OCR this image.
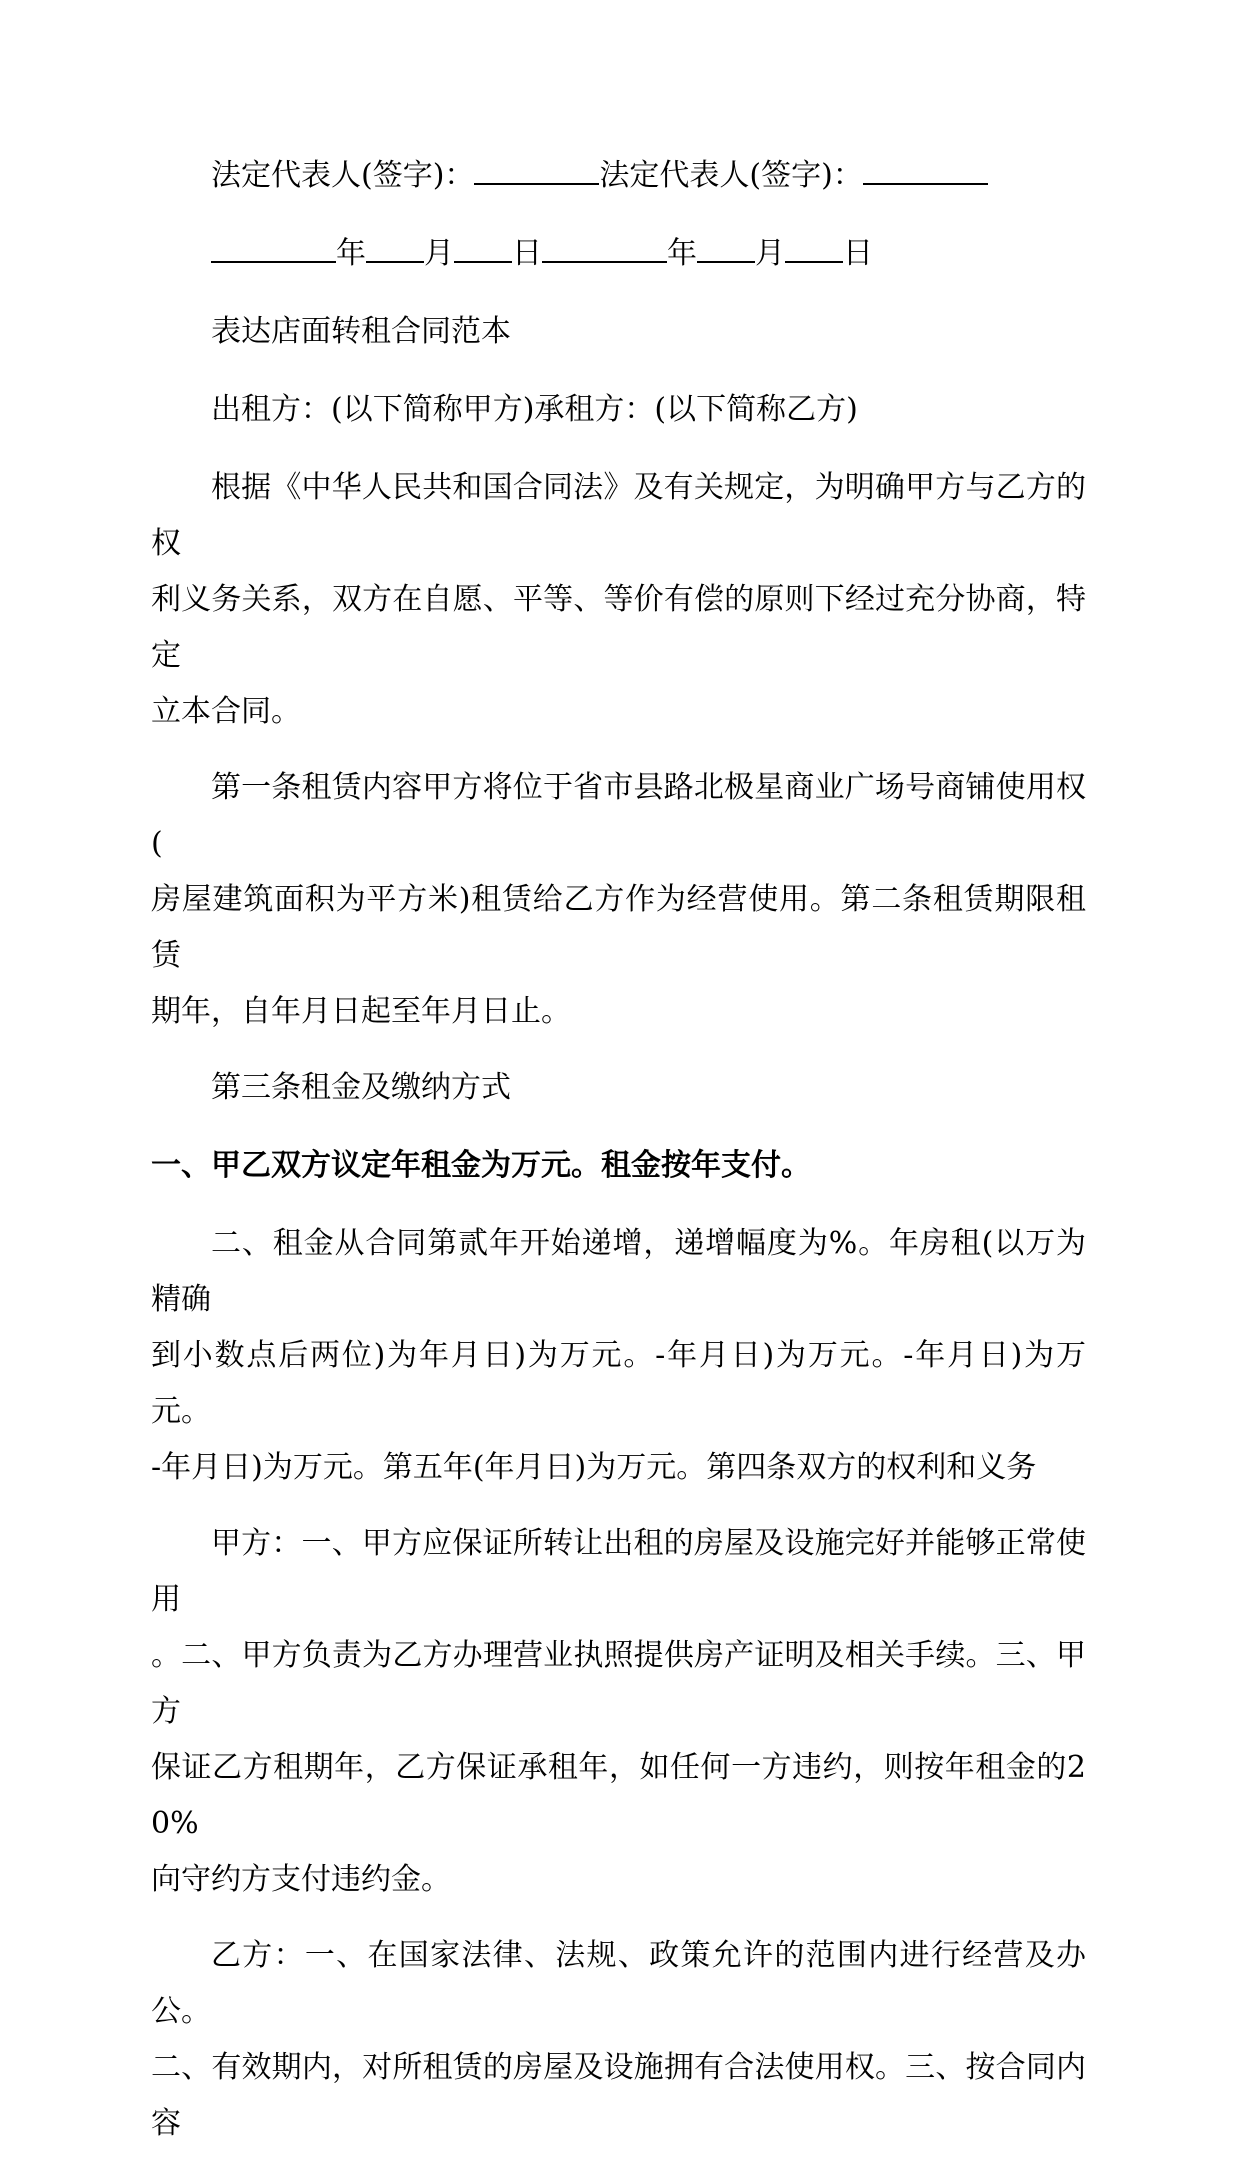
法定代表人(签字)：	法定代表人(签字)：

年 月 日	年 月 日

表达店面转租合同范本

出租方：(以下简称甲方)承租方：(以下简称乙方)

根据《中华人民共和国合同法》及有关规定，为明确甲方与乙方的权
利义务关系，双方在自愿、平等、等价有偿的原则下经过充分协商，特定
立本合同。

第一条租赁内容甲方将位于省市县路北极星商业广场号商铺使用权(
房屋建筑面积为平方米)租赁给乙方作为经营使用。第二条租赁期限租赁
期年，自年月日起至年月日止。

第三条租金及缴纳方式

一、甲乙双方议定年租金为万元。租金按年支付。

二、租金从合同第贰年开始递增，递增幅度为%。年房租(以万为精确
到小数点后两位)为年月日)为万元。-年月日)为万元。-年月日)为万元。
-年月日)为万元。第五年(年月日)为万元。第四条双方的权利和义务

甲方：一、甲方应保证所转让出租的房屋及设施完好并能够正常使用
。二、甲方负责为乙方办理营业执照提供房产证明及相关手续。三、甲方
保证乙方租期年，乙方保证承租年，如任何一方违约，则按年租金的20%
向守约方支付违约金。

乙方：一、在国家法律、法规、政策允许的范围内进行经营及办公。
二、有效期内，对所租赁的房屋及设施拥有合法使用权。三、按合同内容
